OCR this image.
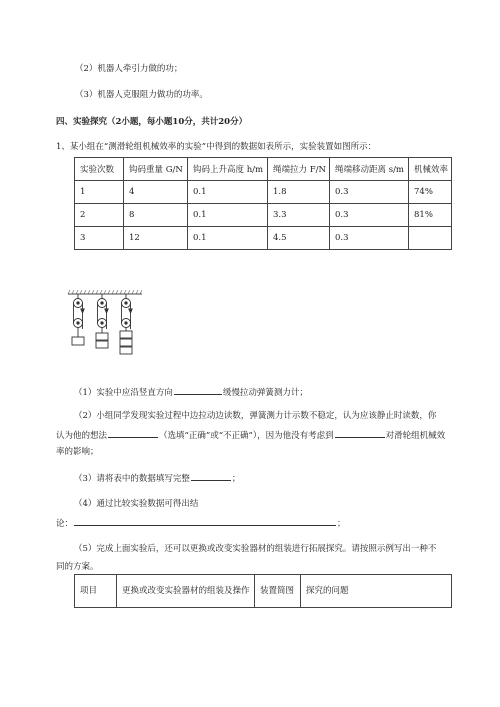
（2）机器人牵引力做的功；
（3）机器人克服阻力做功的功率。
四、实验探究（2小题，每小题10分，共计20分）
1、某小组在“测滑轮组机械效率的实验”中得到的数据如表所示，实验装置如图所示：
实验次数	钩码重量 G/N	钩码上升高度 h/m	绳端拉力 F/N	绳端移动距离 s/m	机械效率
1	4	0.1	1.8	0.3	74%
2	8	0.1	3.3	0.3	81%
3	12	0.1	4.5	0.3	
（1）实验中应沿竖直方向	缓慢拉动弹簧测力计；
（2）小组同学发现实验过程中边拉动边读数，弹簧测力计示数不稳定，认为应该静止时读数，你
认为他的想法	（选填“正确”或“不正确”），因为他没有考虑到	对滑轮组机械效
率的影响；
（3）请将表中的数据填写完整	；
（4）通过比较实验数据可得出结
论：	；
（5）完成上面实验后，还可以更换或改变实验器材的组装进行拓展探究。请按照示例写出一种不
同的方案。
项目	更换或改变实验器材的组装及操作	装置简图	探究的问题
